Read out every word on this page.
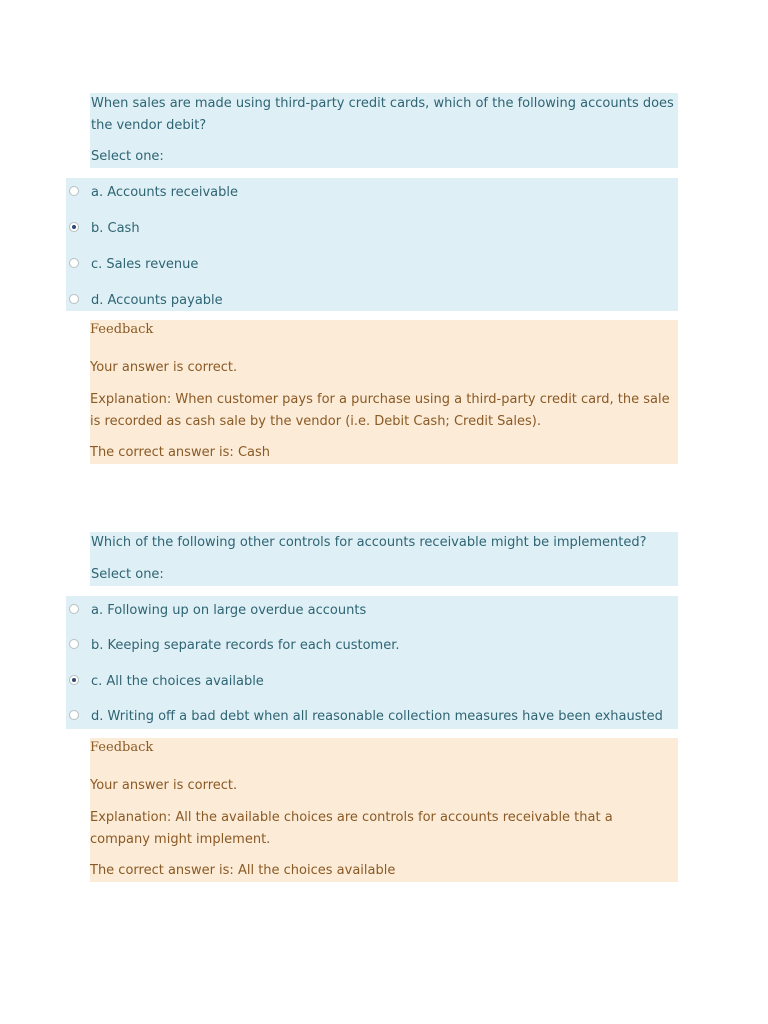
When sales are made using third-party credit cards, which of the following accounts does the vendor debit?

Select one:

a. Accounts receivable
b. Cash
c. Sales revenue
d. Accounts payable
Feedback

Your answer is correct.

Explanation: When customer pays for a purchase using a third-party credit card, the sale is recorded as cash sale by the vendor (i.e. Debit Cash; Credit Sales).

The correct answer is: Cash

Which of the following other controls for accounts receivable might be implemented?

Select one:

a. Following up on large overdue accounts
b. Keeping separate records for each customer.
c. All the choices available
d. Writing off a bad debt when all reasonable collection measures have been exhausted
Feedback

Your answer is correct.

Explanation: All the available choices are controls for accounts receivable that a company might implement.

The correct answer is: All the choices available
